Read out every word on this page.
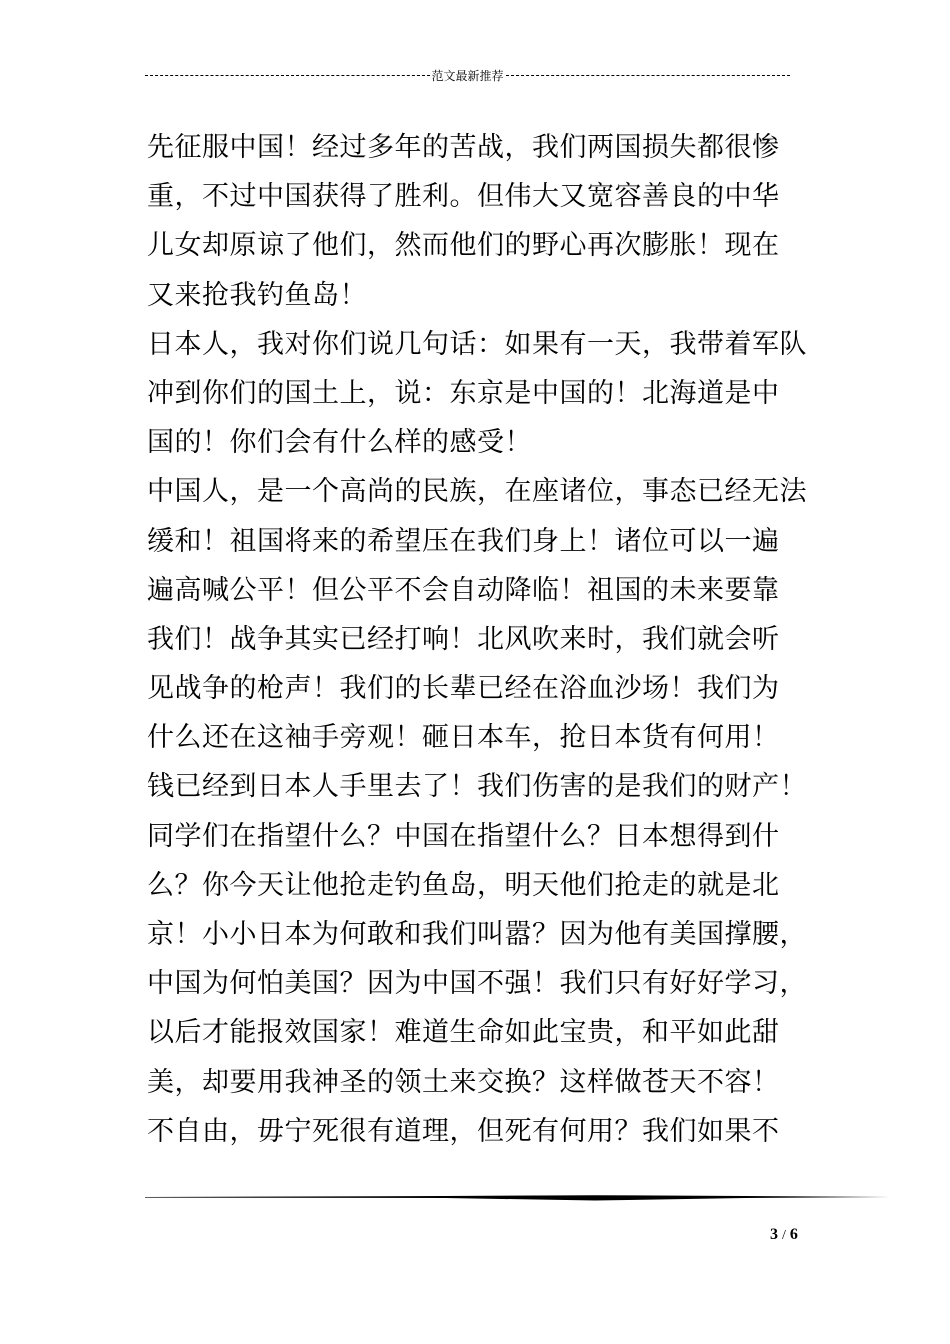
范文最新推荐
先征服中国！经过多年的苦战，我们两国损失都很惨
重，不过中国获得了胜利。但伟大又宽容善良的中华
儿女却原谅了他们，然而他们的野心再次膨胀！现在
又来抢我钓鱼岛！
日本人，我对你们说几句话：如果有一天，我带着军队
冲到你们的国土上，说：东京是中国的！北海道是中
国的！你们会有什么样的感受！
中国人，是一个高尚的民族，在座诸位，事态已经无法
缓和！祖国将来的希望压在我们身上！诸位可以一遍
遍高喊公平！但公平不会自动降临！祖国的未来要靠
我们！战争其实已经打响！北风吹来时，我们就会听
见战争的枪声！我们的长辈已经在浴血沙场！我们为
什么还在这袖手旁观！砸日本车，抢日本货有何用！
钱已经到日本人手里去了！我们伤害的是我们的财产！
同学们在指望什么？中国在指望什么？日本想得到什
么？你今天让他抢走钓鱼岛，明天他们抢走的就是北
京！小小日本为何敢和我们叫嚣？因为他有美国撑腰，
中国为何怕美国？因为中国不强！我们只有好好学习，
以后才能报效国家！难道生命如此宝贵，和平如此甜
美，却要用我神圣的领土来交换？这样做苍天不容！
不自由，毋宁死很有道理，但死有何用？我们如果不
3 / 6
